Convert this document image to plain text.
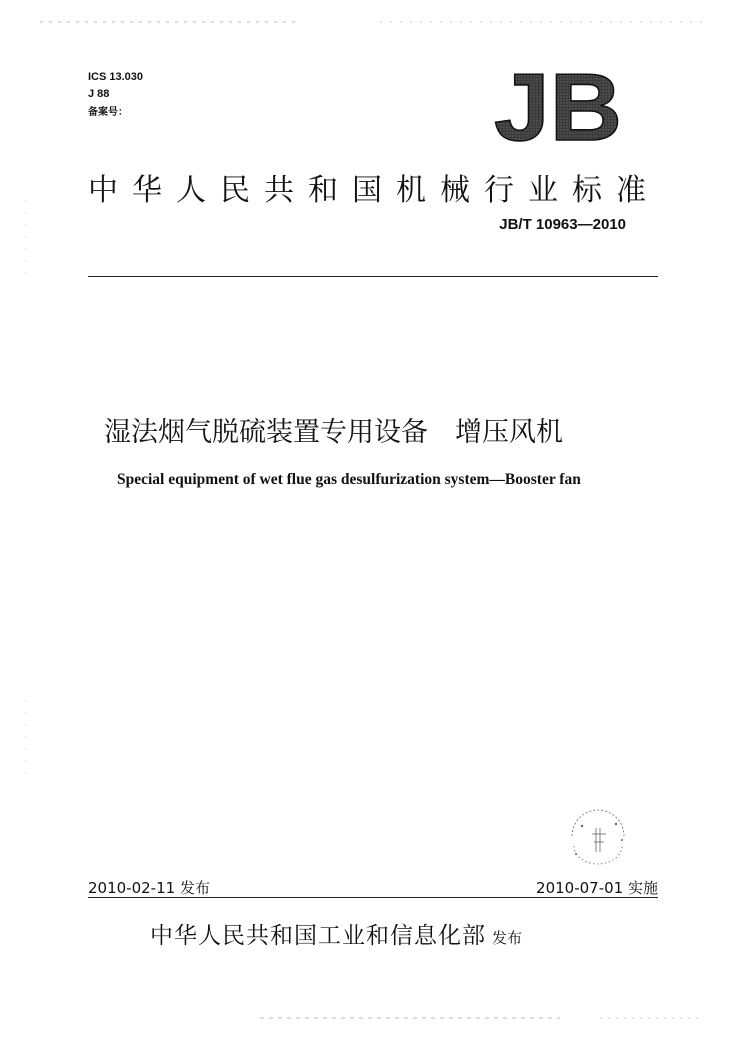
ICS 13.030
J 88
备案号：	JB
中华人民共和国机械行业标准
JB/T 10963—2010
湿法烟气脱硫装置专用设备　增压风机
Special equipment of wet flue gas desulfurization system—Booster fan
2010-02-11 发布	2010-07-01 实施
中华人民共和国工业和信息化部 发布
